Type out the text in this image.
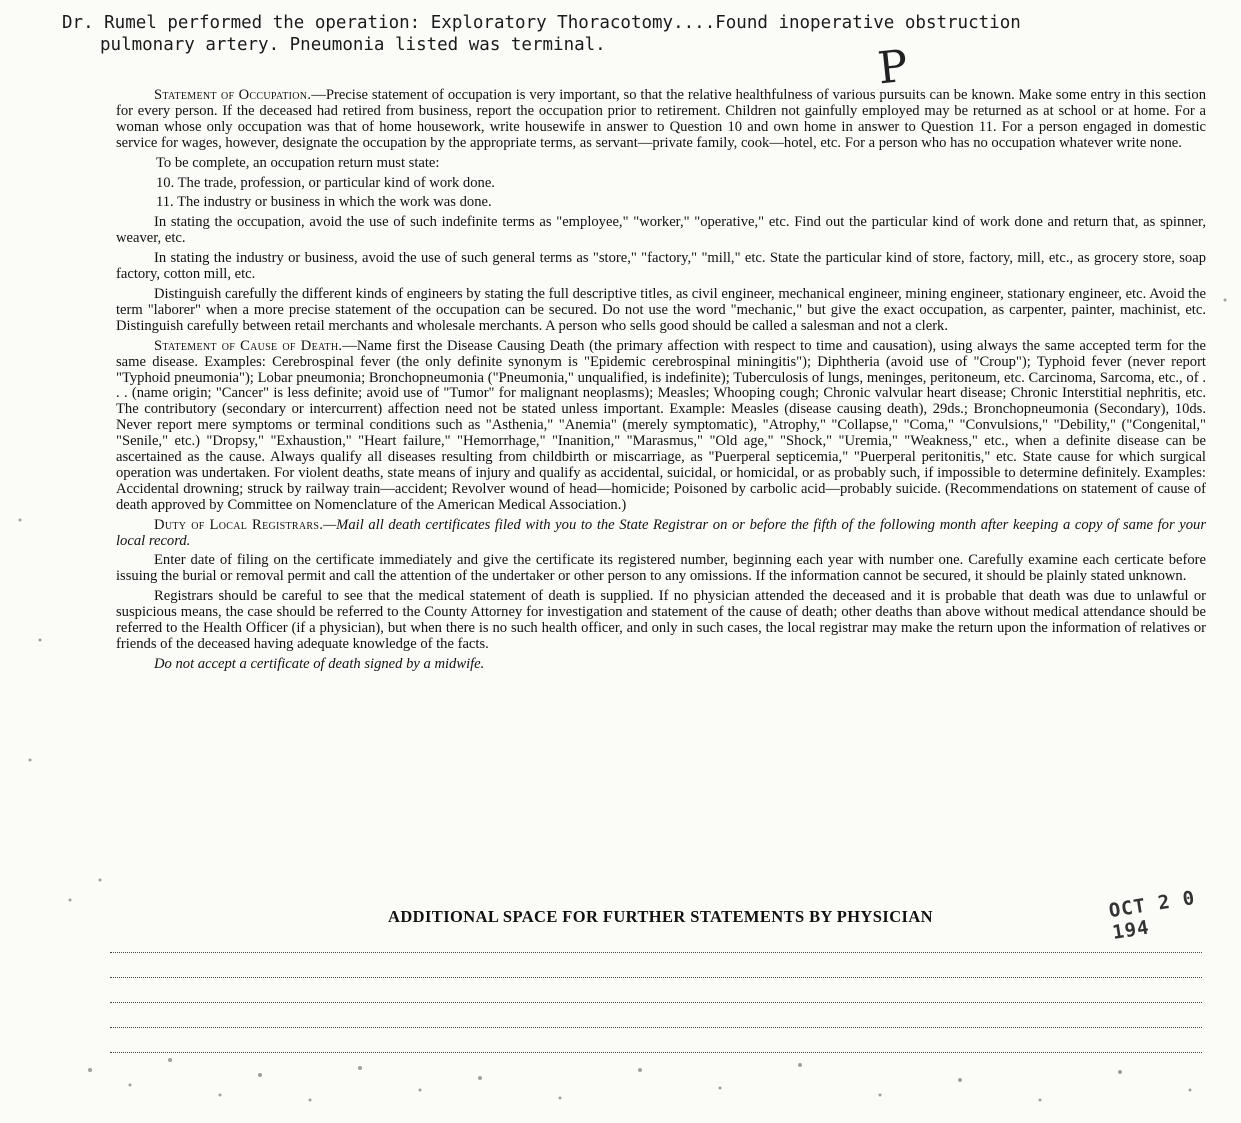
Dr. Rumel performed the operation: Exploratory Thoracotomy....Found inoperative obstruction
pulmonary artery. Pneumonia listed was terminal.	P

Statement of Occupation.—Precise statement of occupation is very important, so that the relative healthfulness of various pursuits can be known. Make some entry in this section for every person. If the deceased had retired from business, report the occupation prior to retirement. Children not gainfully employed may be returned as at school or at home. For a woman whose only occupation was that of home housework, write housewife in answer to Question 10 and own home in answer to Question 11. For a person engaged in domestic service for wages, however, designate the occupation by the appropriate terms, as servant—private family, cook—hotel, etc. For a person who has no occupation whatever write none.

To be complete, an occupation return must state:

10. The trade, profession, or particular kind of work done.

11. The industry or business in which the work was done.

In stating the occupation, avoid the use of such indefinite terms as "employee," "worker," "operative," etc. Find out the particular kind of work done and return that, as spinner, weaver, etc.

In stating the industry or business, avoid the use of such general terms as "store," "factory," "mill," etc. State the particular kind of store, factory, mill, etc., as grocery store, soap factory, cotton mill, etc.

Distinguish carefully the different kinds of engineers by stating the full descriptive titles, as civil engineer, mechanical engineer, mining engineer, stationary engineer, etc. Avoid the term "laborer" when a more precise statement of the occupation can be secured. Do not use the word "mechanic," but give the exact occupation, as carpenter, painter, machinist, etc. Distinguish carefully between retail merchants and wholesale merchants. A person who sells good should be called a salesman and not a clerk.

Statement of Cause of Death.—Name first the Disease Causing Death (the primary affection with respect to time and causation), using always the same accepted term for the same disease. Examples: Cerebrospinal fever (the only definite synonym is "Epidemic cerebrospinal miningitis"); Diphtheria (avoid use of "Croup"); Typhoid fever (never report "Typhoid pneumonia"); Lobar pneumonia; Bronchopneumonia ("Pneumonia," unqualified, is indefinite); Tuberculosis of lungs, meninges, peritoneum, etc. Carcinoma, Sarcoma, etc., of . . . (name origin; "Cancer" is less definite; avoid use of "Tumor" for malignant neoplasms); Measles; Whooping cough; Chronic valvular heart disease; Chronic Interstitial nephritis, etc. The contributory (secondary or intercurrent) affection need not be stated unless important. Example: Measles (disease causing death), 29ds.; Bronchopneumonia (Secondary), 10ds. Never report mere symptoms or terminal conditions such as "Asthenia," "Anemia" (merely symptomatic), "Atrophy," "Collapse," "Coma," "Convulsions," "Debility," ("Congenital," "Senile," etc.) "Dropsy," "Exhaustion," "Heart failure," "Hemorrhage," "Inanition," "Marasmus," "Old age," "Shock," "Uremia," "Weakness," etc., when a definite disease can be ascertained as the cause. Always qualify all diseases resulting from childbirth or miscarriage, as "Puerperal septicemia," "Puerperal peritonitis," etc. State cause for which surgical operation was undertaken. For violent deaths, state means of injury and qualify as accidental, suicidal, or homicidal, or as probably such, if impossible to determine definitely. Examples: Accidental drowning; struck by railway train—accident; Revolver wound of head—homicide; Poisoned by carbolic acid—probably suicide. (Recommendations on statement of cause of death approved by Committee on Nomenclature of the American Medical Association.)

Duty of Local Registrars.—Mail all death certificates filed with you to the State Registrar on or before the fifth of the following month after keeping a copy of same for your local record.

Enter date of filing on the certificate immediately and give the certificate its registered number, beginning each year with number one. Carefully examine each certicate before issuing the burial or removal permit and call the attention of the undertaker or other person to any omissions. If the information cannot be secured, it should be plainly stated unknown.

Registrars should be careful to see that the medical statement of death is supplied. If no physician attended the deceased and it is probable that death was due to unlawful or suspicious means, the case should be referred to the County Attorney for investigation and statement of the cause of death; other deaths than above without medical attendance should be referred to the Health Officer (if a physician), but when there is no such health officer, and only in such cases, the local registrar may make the return upon the information of relatives or friends of the deceased having adequate knowledge of the facts.

Do not accept a certificate of death signed by a midwife.

ADDITIONAL SPACE FOR FURTHER STATEMENTS BY PHYSICIAN	OCT 2 0 194
